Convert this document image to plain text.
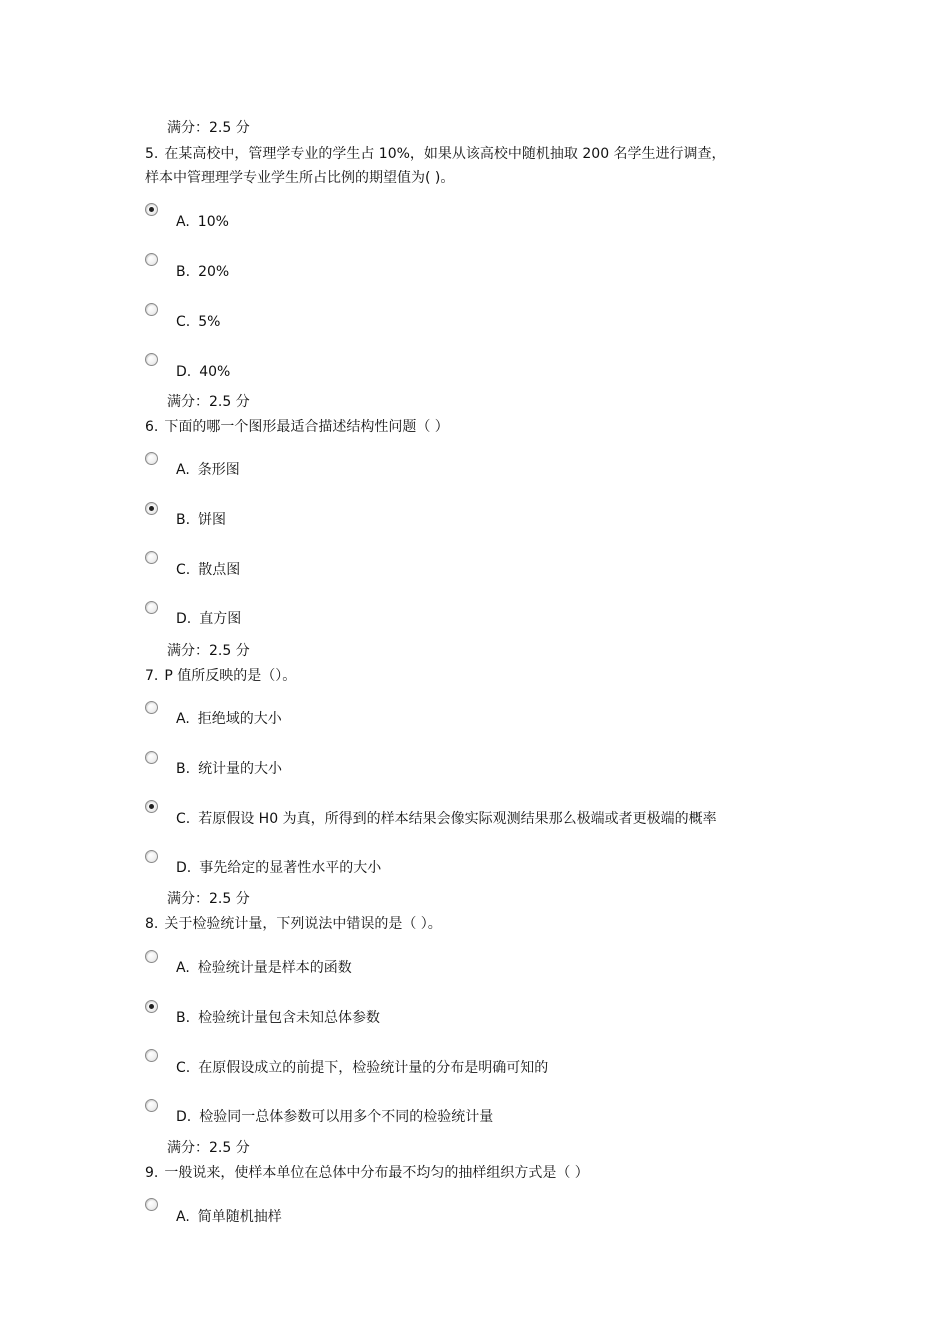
满分：2.5 分
5. 在某高校中，管理学专业的学生占 10%，如果从该高校中随机抽取 200 名学生进行调查，
样本中管理理学专业学生所占比例的期望值为( )。
A. 10%
B. 20%
C. 5%
D. 40%
满分：2.5 分
6. 下面的哪一个图形最适合描述结构性问题（ ）
A. 条形图
B. 饼图
C. 散点图
D. 直方图
满分：2.5 分
7. P 值所反映的是（）。
A. 拒绝域的大小
B. 统计量的大小
C. 若原假设 H0 为真，所得到的样本结果会像实际观测结果那么极端或者更极端的概率
D. 事先给定的显著性水平的大小
满分：2.5 分
8. 关于检验统计量，下列说法中错误的是（ ）。
A. 检验统计量是样本的函数
B. 检验统计量包含未知总体参数
C. 在原假设成立的前提下，检验统计量的分布是明确可知的
D. 检验同一总体参数可以用多个不同的检验统计量
满分：2.5 分
9. 一般说来，使样本单位在总体中分布最不均匀的抽样组织方式是（ ）
A. 简单随机抽样
